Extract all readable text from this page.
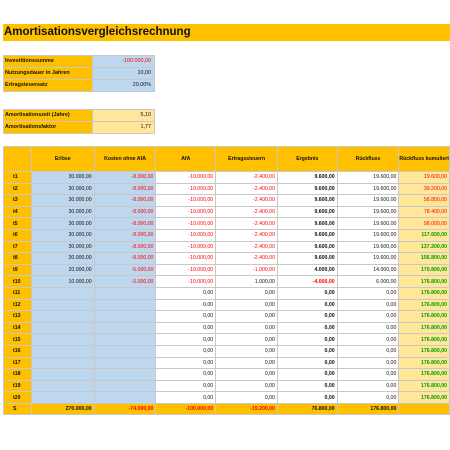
Amortisationsvergleichsrechnung
Investitionssumme	-100.000,00
Nutzungsdauer in Jahren	10,00
Ertragsteuersatz	20,00%
Amortisationszeit (Jahre)	5,10
Amortisationsfaktor	1,77
	Erlöse	Kosten ohne AfA	AfA	Ertragssteuern	Ergebnis	Rückfluss	Rückfluss kumuliert
t1	30.000,00	-8.000,00	-10.000,00	-2.400,00	9.600,00	19.600,00	19.600,00
t2	30.000,00	-8.000,00	-10.000,00	-2.400,00	9.600,00	19.600,00	39.200,00
t3	30.000,00	-8.000,00	-10.000,00	-2.400,00	9.600,00	19.600,00	58.800,00
t4	30.000,00	-8.000,00	-10.000,00	-2.400,00	9.600,00	19.600,00	78.400,00
t5	30.000,00	-8.000,00	-10.000,00	-2.400,00	9.600,00	19.600,00	98.000,00
t6	30.000,00	-8.000,00	-10.000,00	-2.400,00	9.600,00	19.600,00	117.600,00
t7	30.000,00	-8.000,00	-10.000,00	-2.400,00	9.600,00	19.600,00	137.200,00
t8	30.000,00	-8.000,00	-10.000,00	-2.400,00	9.600,00	19.600,00	156.800,00
t9	20.000,00	-5.000,00	-10.000,00	-1.000,00	4.000,00	14.000,00	170.800,00
t10	10.000,00	-5.000,00	-10.000,00	1.000,00	-4.000,00	6.000,00	176.800,00
t11			0,00	0,00	0,00	0,00	176.800,00
t12			0,00	0,00	0,00	0,00	176.800,00
t13			0,00	0,00	0,00	0,00	176.800,00
t14			0,00	0,00	0,00	0,00	176.800,00
t15			0,00	0,00	0,00	0,00	176.800,00
t16			0,00	0,00	0,00	0,00	176.800,00
t17			0,00	0,00	0,00	0,00	176.800,00
t18			0,00	0,00	0,00	0,00	176.800,00
t19			0,00	0,00	0,00	0,00	176.800,00
t20			0,00	0,00	0,00	0,00	176.800,00
S	270.000,00	-74.000,00	-100.000,00	-19.200,00	76.800,00	176.800,00	
